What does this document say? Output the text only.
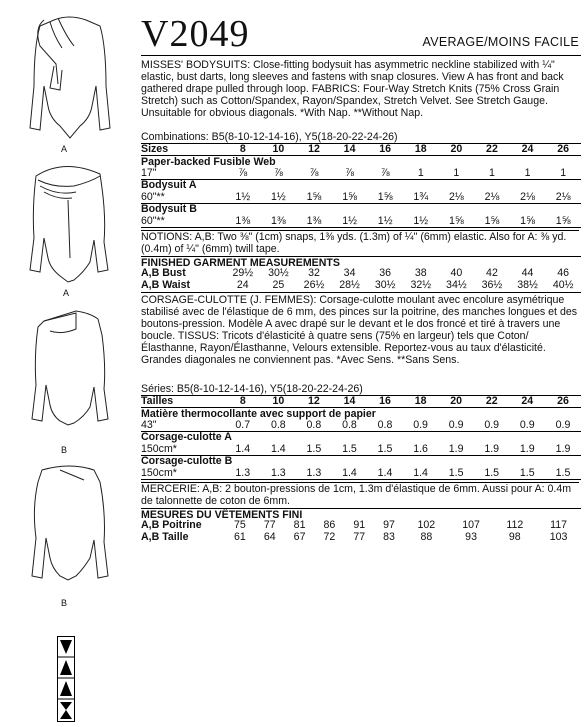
A
A
B
B
V2049	AVERAGE/MOINS FACILE
MISSES' BODYSUITS: Close-fitting bodysuit has asymmetric neckline stabilized with ¼" elastic, bust darts, long sleeves and fastens with snap closures. View A has front and back gathered drape pulled through loop. FABRICS: Four-Way Stretch Knits (75% Cross Grain Stretch) such as Cotton/Spandex, Rayon/Spandex, Stretch Velvet. See Stretch Gauge. Unsuitable for obvious diagonals. *With Nap. **Without Nap.
Combinations: B5(8-10-12-14-16), Y5(18-20-22-24-26)
Sizes	8	10	12	14	16	18	20	22	24	26
Paper-backed Fusible Web										
17"	⅞	⅞	⅞	⅞	⅞	1	1	1	1	1
Bodysuit A										
60"**	1½	1½	1⅝	1⅝	1⅝	1¾	2⅛	2⅛	2⅛	2⅛
Bodysuit B										
60"**	1⅜	1⅜	1⅜	1½	1½	1½	1⅝	1⅝	1⅝	1⅝
NOTIONS: A,B: Two ⅜" (1cm) snaps, 1⅜ yds. (1.3m) of ¼" (6mm) elastic. Also for A: ⅜ yd. (0.4m) of ¼" (6mm) twill tape.
FINISHED GARMENT MEASUREMENTS
A,B Bust	29½	30½	32	34	36	38	40	42	44	46
A,B Waist	24	25	26½	28½	30½	32½	34½	36½	38½	40½
CORSAGE-CULOTTE (J. FEMMES): Corsage-culotte moulant avec encolure asymétrique stabilisé avec de l'élastique de 6 mm, des pinces sur la poitrine, des manches longues et des boutons-pression. Modèle A avec drapé sur le devant et le dos froncé et tiré à travers une boucle. TISSUS: Tricots d'élasticité à quatre sens (75% en largeur) tels que Coton/Élasthanne, Rayon/Élasthanne, Velours extensible. Reportez-vous au taux d'élasticité. Grandes diagonales ne conviennent pas. *Avec Sens. **Sans Sens.
Séries: B5(8-10-12-14-16), Y5(18-20-22-24-26)
Tailles	8	10	12	14	16	18	20	22	24	26
Matière thermocollante avec support de papier										
43"	0.7	0.8	0.8	0.8	0.8	0.9	0.9	0.9	0.9	0.9
Corsage-culotte A										
150cm*	1.4	1.4	1.5	1.5	1.5	1.6	1.9	1.9	1.9	1.9
Corsage-culotte B										
150cm*	1.3	1.3	1.3	1.4	1.4	1.4	1.5	1.5	1.5	1.5
MERCERIE: A,B: 2 bouton-pressions de 1cm, 1.3m d'élastique de 6mm. Aussi pour A: 0.4m de talonnette de coton de 6mm.
MESURES DU VÊTEMENTS FINI
A,B Poitrine	75	77	81	86	91	97	102	107	112	117
A,B Taille	61	64	67	72	77	83	88	93	98	103
